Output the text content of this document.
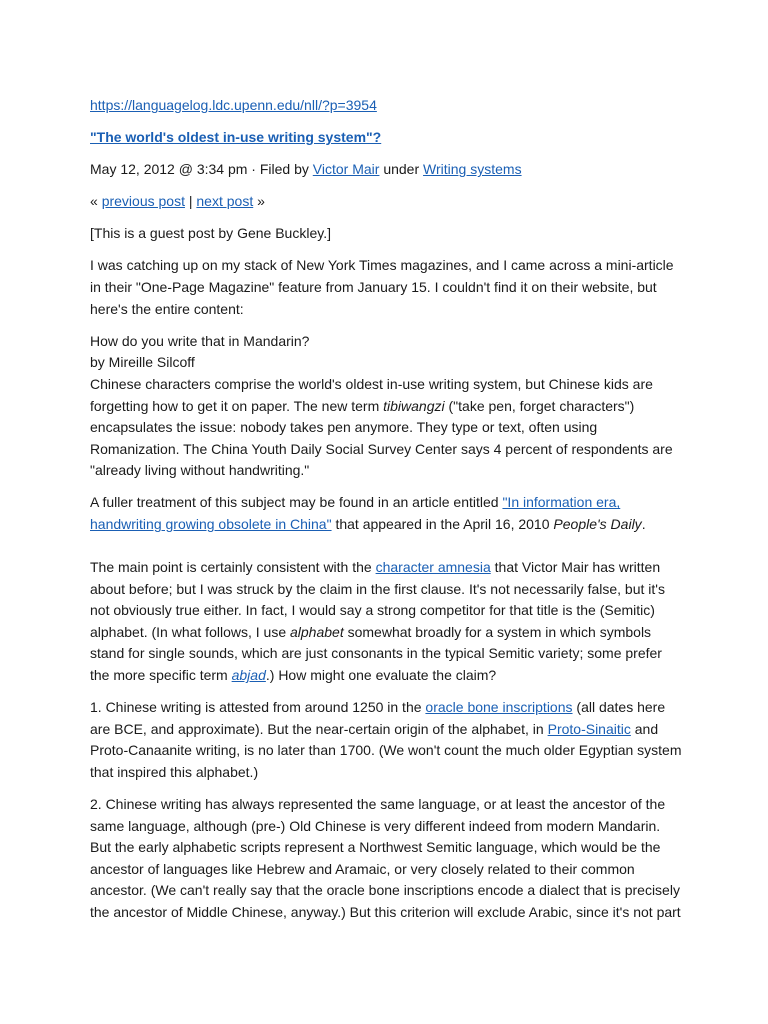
https://languagelog.ldc.upenn.edu/nll/?p=3954

"The world's oldest in-use writing system"?

May 12, 2012 @ 3:34 pm · Filed by Victor Mair under Writing systems

« previous post | next post »

[This is a guest post by Gene Buckley.]

I was catching up on my stack of New York Times magazines, and I came across a mini-article in their "One-Page Magazine" feature from January 15. I couldn't find it on their website, but here's the entire content:

How do you write that in Mandarin?

by Mireille Silcoff

Chinese characters comprise the world's oldest in-use writing system, but Chinese kids are forgetting how to get it on paper. The new term tibiwangzi ("take pen, forget characters") encapsulates the issue: nobody takes pen anymore. They type or text, often using Romanization. The China Youth Daily Social Survey Center says 4 percent of respondents are "already living without handwriting."

A fuller treatment of this subject may be found in an article entitled "In information era, handwriting growing obsolete in China" that appeared in the April 16, 2010 People's Daily.

The main point is certainly consistent with the character amnesia that Victor Mair has written about before; but I was struck by the claim in the first clause. It's not necessarily false, but it's not obviously true either. In fact, I would say a strong competitor for that title is the (Semitic) alphabet. (In what follows, I use alphabet somewhat broadly for a system in which symbols stand for single sounds, which are just consonants in the typical Semitic variety; some prefer the more specific term abjad.) How might one evaluate the claim?

1. Chinese writing is attested from around 1250 in the oracle bone inscriptions (all dates here are BCE, and approximate). But the near-certain origin of the alphabet, in Proto-Sinaitic and Proto-Canaanite writing, is no later than 1700. (We won't count the much older Egyptian system that inspired this alphabet.)

2. Chinese writing has always represented the same language, or at least the ancestor of the same language, although (pre-) Old Chinese is very different indeed from modern Mandarin. But the early alphabetic scripts represent a Northwest Semitic language, which would be the ancestor of languages like Hebrew and Aramaic, or very closely related to their common ancestor. (We can't really say that the oracle bone inscriptions encode a dialect that is precisely the ancestor of Middle Chinese, anyway.) But this criterion will exclude Arabic, since it's not part
